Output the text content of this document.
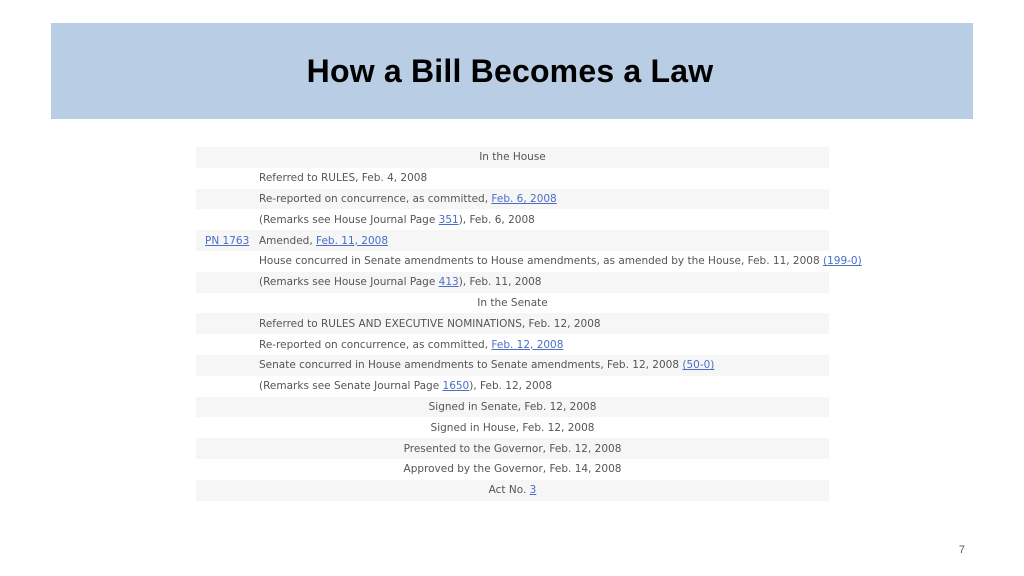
How a Bill Becomes a Law
In the House
Referred to RULES, Feb. 4, 2008
Re-reported on concurrence, as committed, Feb. 6, 2008
(Remarks see House Journal Page 351), Feb. 6, 2008
PN 1763 Amended, Feb. 11, 2008
House concurred in Senate amendments to House amendments, as amended by the House, Feb. 11, 2008 (199-0)
(Remarks see House Journal Page 413), Feb. 11, 2008
In the Senate
Referred to RULES AND EXECUTIVE NOMINATIONS, Feb. 12, 2008
Re-reported on concurrence, as committed, Feb. 12, 2008
Senate concurred in House amendments to Senate amendments, Feb. 12, 2008 (50-0)
(Remarks see Senate Journal Page 1650), Feb. 12, 2008
Signed in Senate, Feb. 12, 2008
Signed in House, Feb. 12, 2008
Presented to the Governor, Feb. 12, 2008
Approved by the Governor, Feb. 14, 2008
Act No. 3
7
